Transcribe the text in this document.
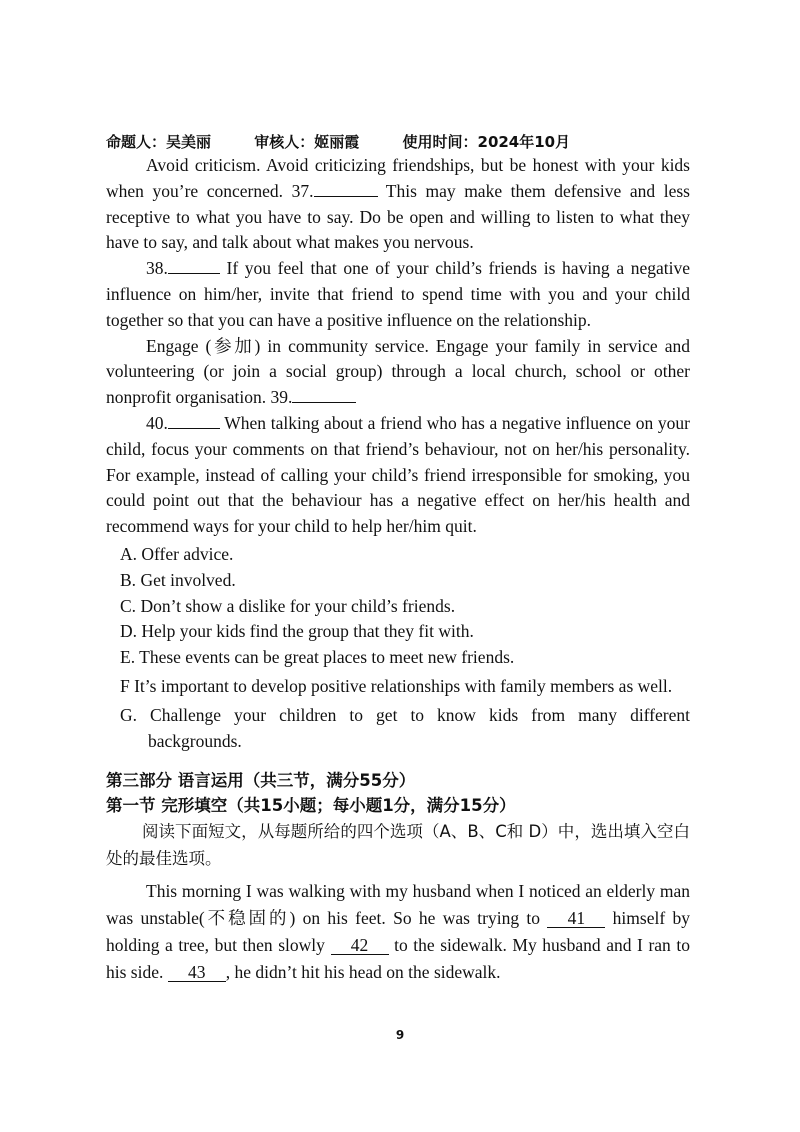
命题人：吴美丽	审核人：姬丽霞	使用时间：2024年10月

Avoid criticism. Avoid criticizing friendships, but be honest with your kids when you’re concerned. 37.	This may make them defensive and less receptive to what you have to say. Do be open and willing to listen to what they have to say, and talk about what makes you nervous.

38.	If you feel that one of your child’s friends is having a negative influence on him/her, invite that friend to spend time with you and your child together so that you can have a positive influence on the relationship.

Engage (参加) in community service. Engage your family in service and volunteering (or join a social group) through a local church, school or other nonprofit organisation. 39.

40.	When talking about a friend who has a negative influence on your child, focus your comments on that friend’s behaviour, not on her/his personality. For example, instead of calling your child’s friend irresponsible for smoking, you could point out that the behaviour has a negative effect on her/his health and recommend ways for your child to help her/him quit.

A. Offer advice.

B. Get involved.

C. Don’t show a dislike for your child’s friends.

D. Help your kids find the group that they fit with.

E. These events can be great places to meet new friends.

F It’s important to develop positive relationships with family members as well.

G. Challenge your children to get to know kids from many different backgrounds.

第三部分 语言运用（共三节，满分55分）

第一节 完形填空（共15小题；每小题1分，满分15分）

阅读下面短文，从每题所给的四个选项（A、B、C和 D）中，选出填入空白处的最佳选项。

This morning I was walking with my husband when I noticed an elderly man was unstable(不稳固的) on his feet. So he was trying to 41 himself by holding a tree, but then slowly 42 to the sidewalk. My husband and I ran to his side. 43 , he didn’t hit his head on the sidewalk.

9
